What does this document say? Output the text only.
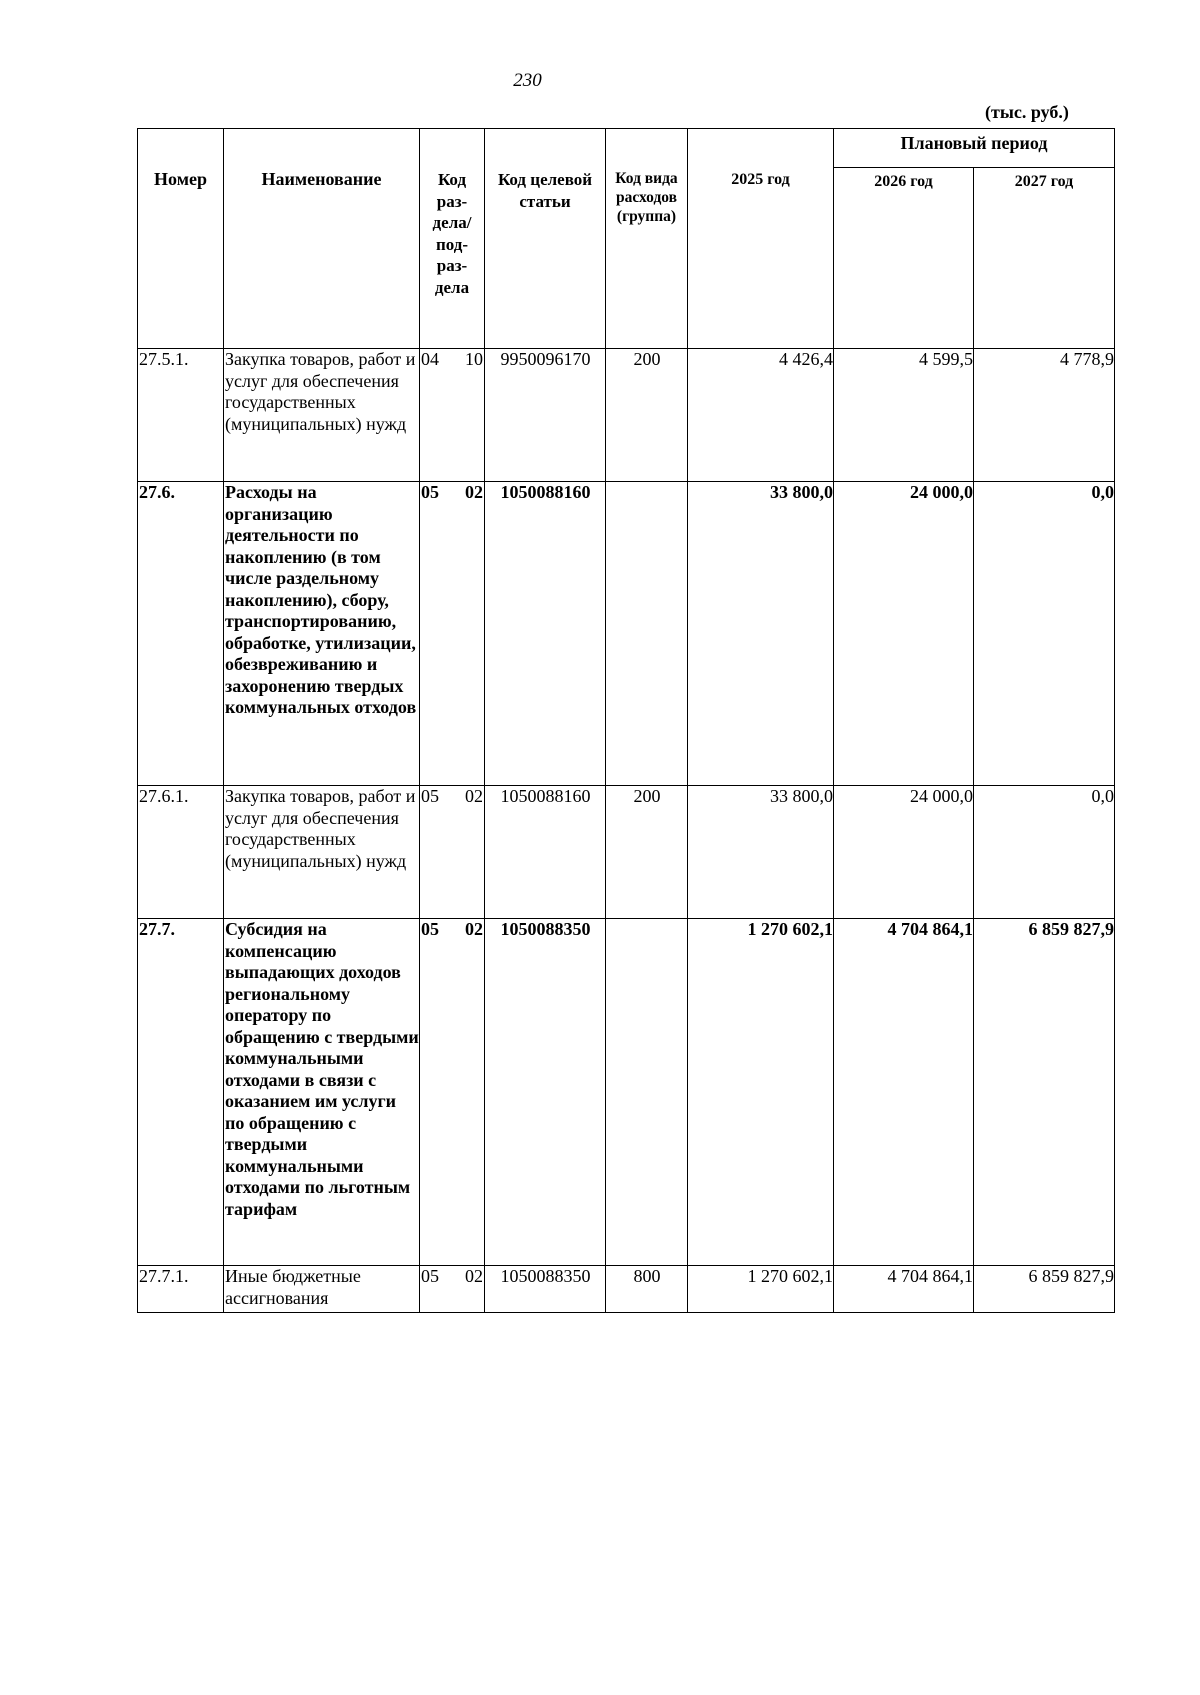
230
(тыс. руб.)
Номер	Наименование	Код раз-дела/ под-раз-дела	Код целевой статьи	Код вида расходов (группа)	2025 год	Плановый период	
						2026 год	2027 год
27.5.1.	Закупка товаров, работ и услуг для обеспечения государственных (муниципальных) нужд	04 10	9950096170	200	4 426,4	4 599,5	4 778,9
27.6.	Расходы на организацию деятельности по накоплению (в том числе раздельному накоплению), сбору, транспортированию, обработке, утилизации, обезвреживанию и захоронению твердых коммунальных отходов	05 02	1050088160		33 800,0	24 000,0	0,0
27.6.1.	Закупка товаров, работ и услуг для обеспечения государственных (муниципальных) нужд	05 02	1050088160	200	33 800,0	24 000,0	0,0
27.7.	Субсидия на компенсацию выпадающих доходов региональному оператору по обращению с твердыми коммунальными отходами в связи с оказанием им услуги по обращению с твердыми коммунальными отходами по льготным тарифам	05 02	1050088350		1 270 602,1	4 704 864,1	6 859 827,9
27.7.1.	Иные бюджетные ассигнования	05 02	1050088350	800	1 270 602,1	4 704 864,1	6 859 827,9
